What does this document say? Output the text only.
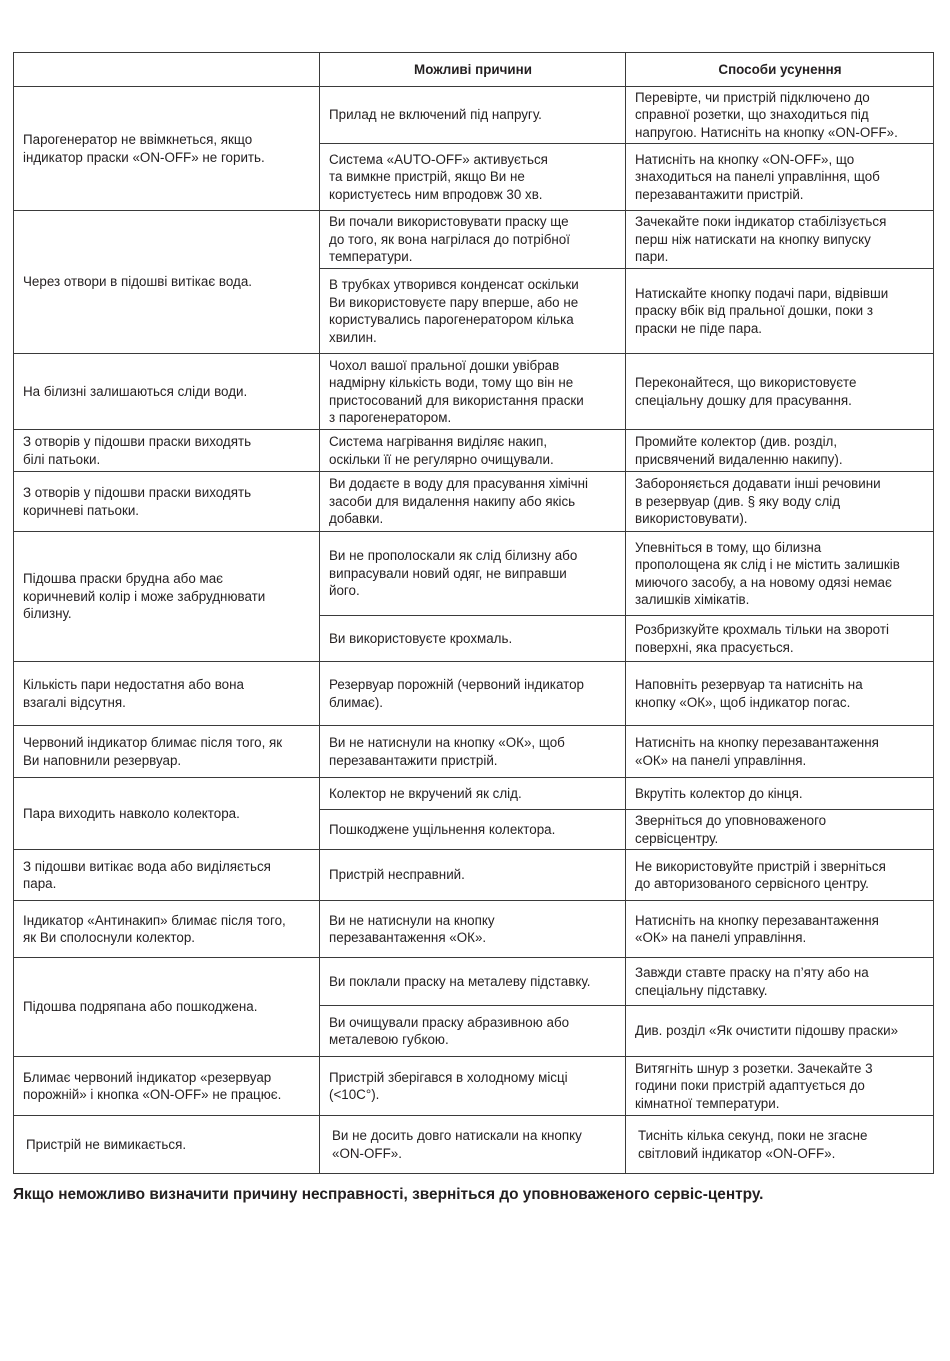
	Можливі причини	Способи усунення
Парогенератор не ввімкнеться, якщо
індикатор праски «ON-OFF» не горить.	Прилад не включений під напругу.	Перевірте, чи пристрій підключено до
справної розетки, що знаходиться під
напругою. Натисніть на кнопку «ON-OFF».
	Система «AUTO-OFF» активується
та вимкне пристрій, якщо Ви не
користуєтесь ним впродовж 30 хв.	Натисніть на кнопку «ON-OFF», що
знаходиться на панелі управління, щоб
перезавантажити пристрій.
Через отвори в підошві витікає вода.	Ви почали використовувати праску ще
до того, як вона нагрілася до потрібної
температури.	Зачекайте поки індикатор стабілізується
перш ніж натискати на кнопку випуску
пари.
	В трубках утворився конденсат оскільки
Ви використовуєте пару вперше, або не
користувались парогенератором кілька
хвилин.	Натискайте кнопку подачі пари, відвівши
праску вбік від пральної дошки, поки з
праски не піде пара.
На білизні залишаються сліди води.	Чохол вашої пральної дошки увібрав
надмірну кількість води, тому що він не
пристосований для використання праски
з парогенератором.	Переконайтеся, що використовуєте
спеціальну дошку для прасування.
З отворів у підошви праски виходять
білі патьоки.	Система нагрівання виділяє накип,
оскільки її не регулярно очищували.	Промийте колектор (див. розділ,
присвячений видаленню накипу).
З отворів у підошви праски виходять
коричневі патьоки.	Ви додаєте в воду для прасування хімічні
засоби для видалення накипу або якісь
добавки.	Забороняється додавати інші речовини
в резервуар (див. § яку воду слід
використовувати).
Підошва праски брудна або має
коричневий колір і може забруднювати
білизну.	Ви не прополоскали як слід білизну або
випрасували новий одяг, не виправши
його.	Упевніться в тому, що білизна
прополощена як слід і не містить залишків
миючого засобу, а на новому одязі немає
залишків хімікатів.
	Ви використовуєте крохмаль.	Розбризкуйте крохмаль тільки на звороті
поверхні, яка прасується.
Кількість пари недостатня або вона
взагалі відсутня.	Резервуар порожній (червоний індикатор
блимає).	Наповніть резервуар та натисніть на
кнопку «ОК», щоб індикатор погас.
Червоний індикатор блимає після того, як
Ви наповнили резервуар.	Ви не натиснули на кнопку «ОК», щоб
перезавантажити пристрій.	Натисніть на кнопку перезавантаження
«ОК» на панелі управління.
Пара виходить навколо колектора.	Колектор не вкручений як слід.	Вкрутіть колектор до кінця.
	Пошкоджене ущільнення колектора.	Зверніться до уповноваженого
сервісцентру.
З підошви витікає вода або виділяється
пара.	Пристрій несправний.	Не використовуйте пристрій і зверніться
до авторизованого сервісного центру.
Індикатор «Антинакип» блимає після того,
як Ви сполоснули колектор.	Ви не натиснули на кнопку
перезавантаження «ОК».	Натисніть на кнопку перезавантаження
«ОК» на панелі управління.
Підошва подряпана або пошкоджена.	Ви поклали праску на металеву підставку.	Завжди ставте праску на п’яту або на
спеціальну підставку.
	Ви очищували праску абразивною або
металевою губкою.	Див. розділ «Як очистити підошву праски»
Блимає червоний індикатор «резервуар
порожній» і кнопка «ON-OFF» не працює.	Пристрій зберігався в холодному місці
(<10C°).	Витягніть шнур з розетки. Зачекайте 3
години поки пристрій адаптується до
кімнатної температури.
Пристрій не вимикається.	Ви не досить довго натискали на кнопку
«ON-OFF».	Тисніть кілька секунд, поки не згасне
світловий індикатор «ON-OFF».

Якщо неможливо визначити причину несправності, зверніться до уповноваженого сервіс-центру.
